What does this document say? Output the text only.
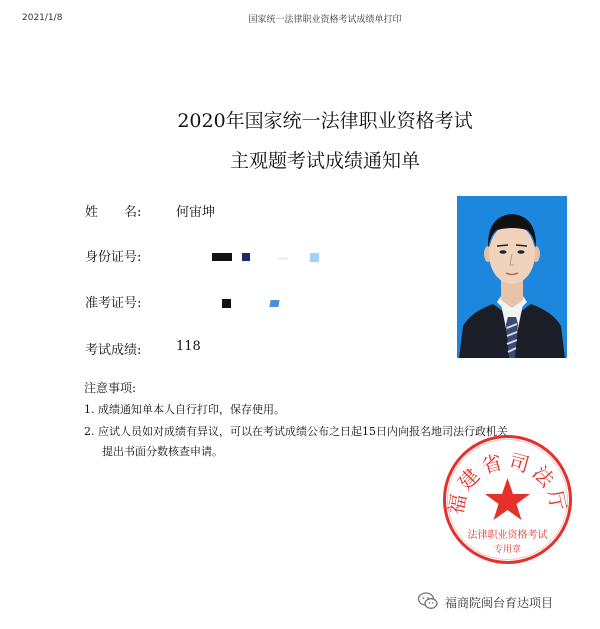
2021/1/8	国家统一法律职业资格考试成绩单打印
2020年国家统一法律职业资格考试
主观题考试成绩通知单
姓　　名:	何宙坤
身份证号:
准考证号:
考试成绩:	118
注意事项:
1. 成绩通知单本人自行打印，保存使用。
2. 应试人员如对成绩有异议，可以在考试成绩公布之日起15日内向报名地司法行政机关
提出书面分数核查申请。
福建省司法厅
法律职业资格考试
专用章
福商院闽台育达项目
